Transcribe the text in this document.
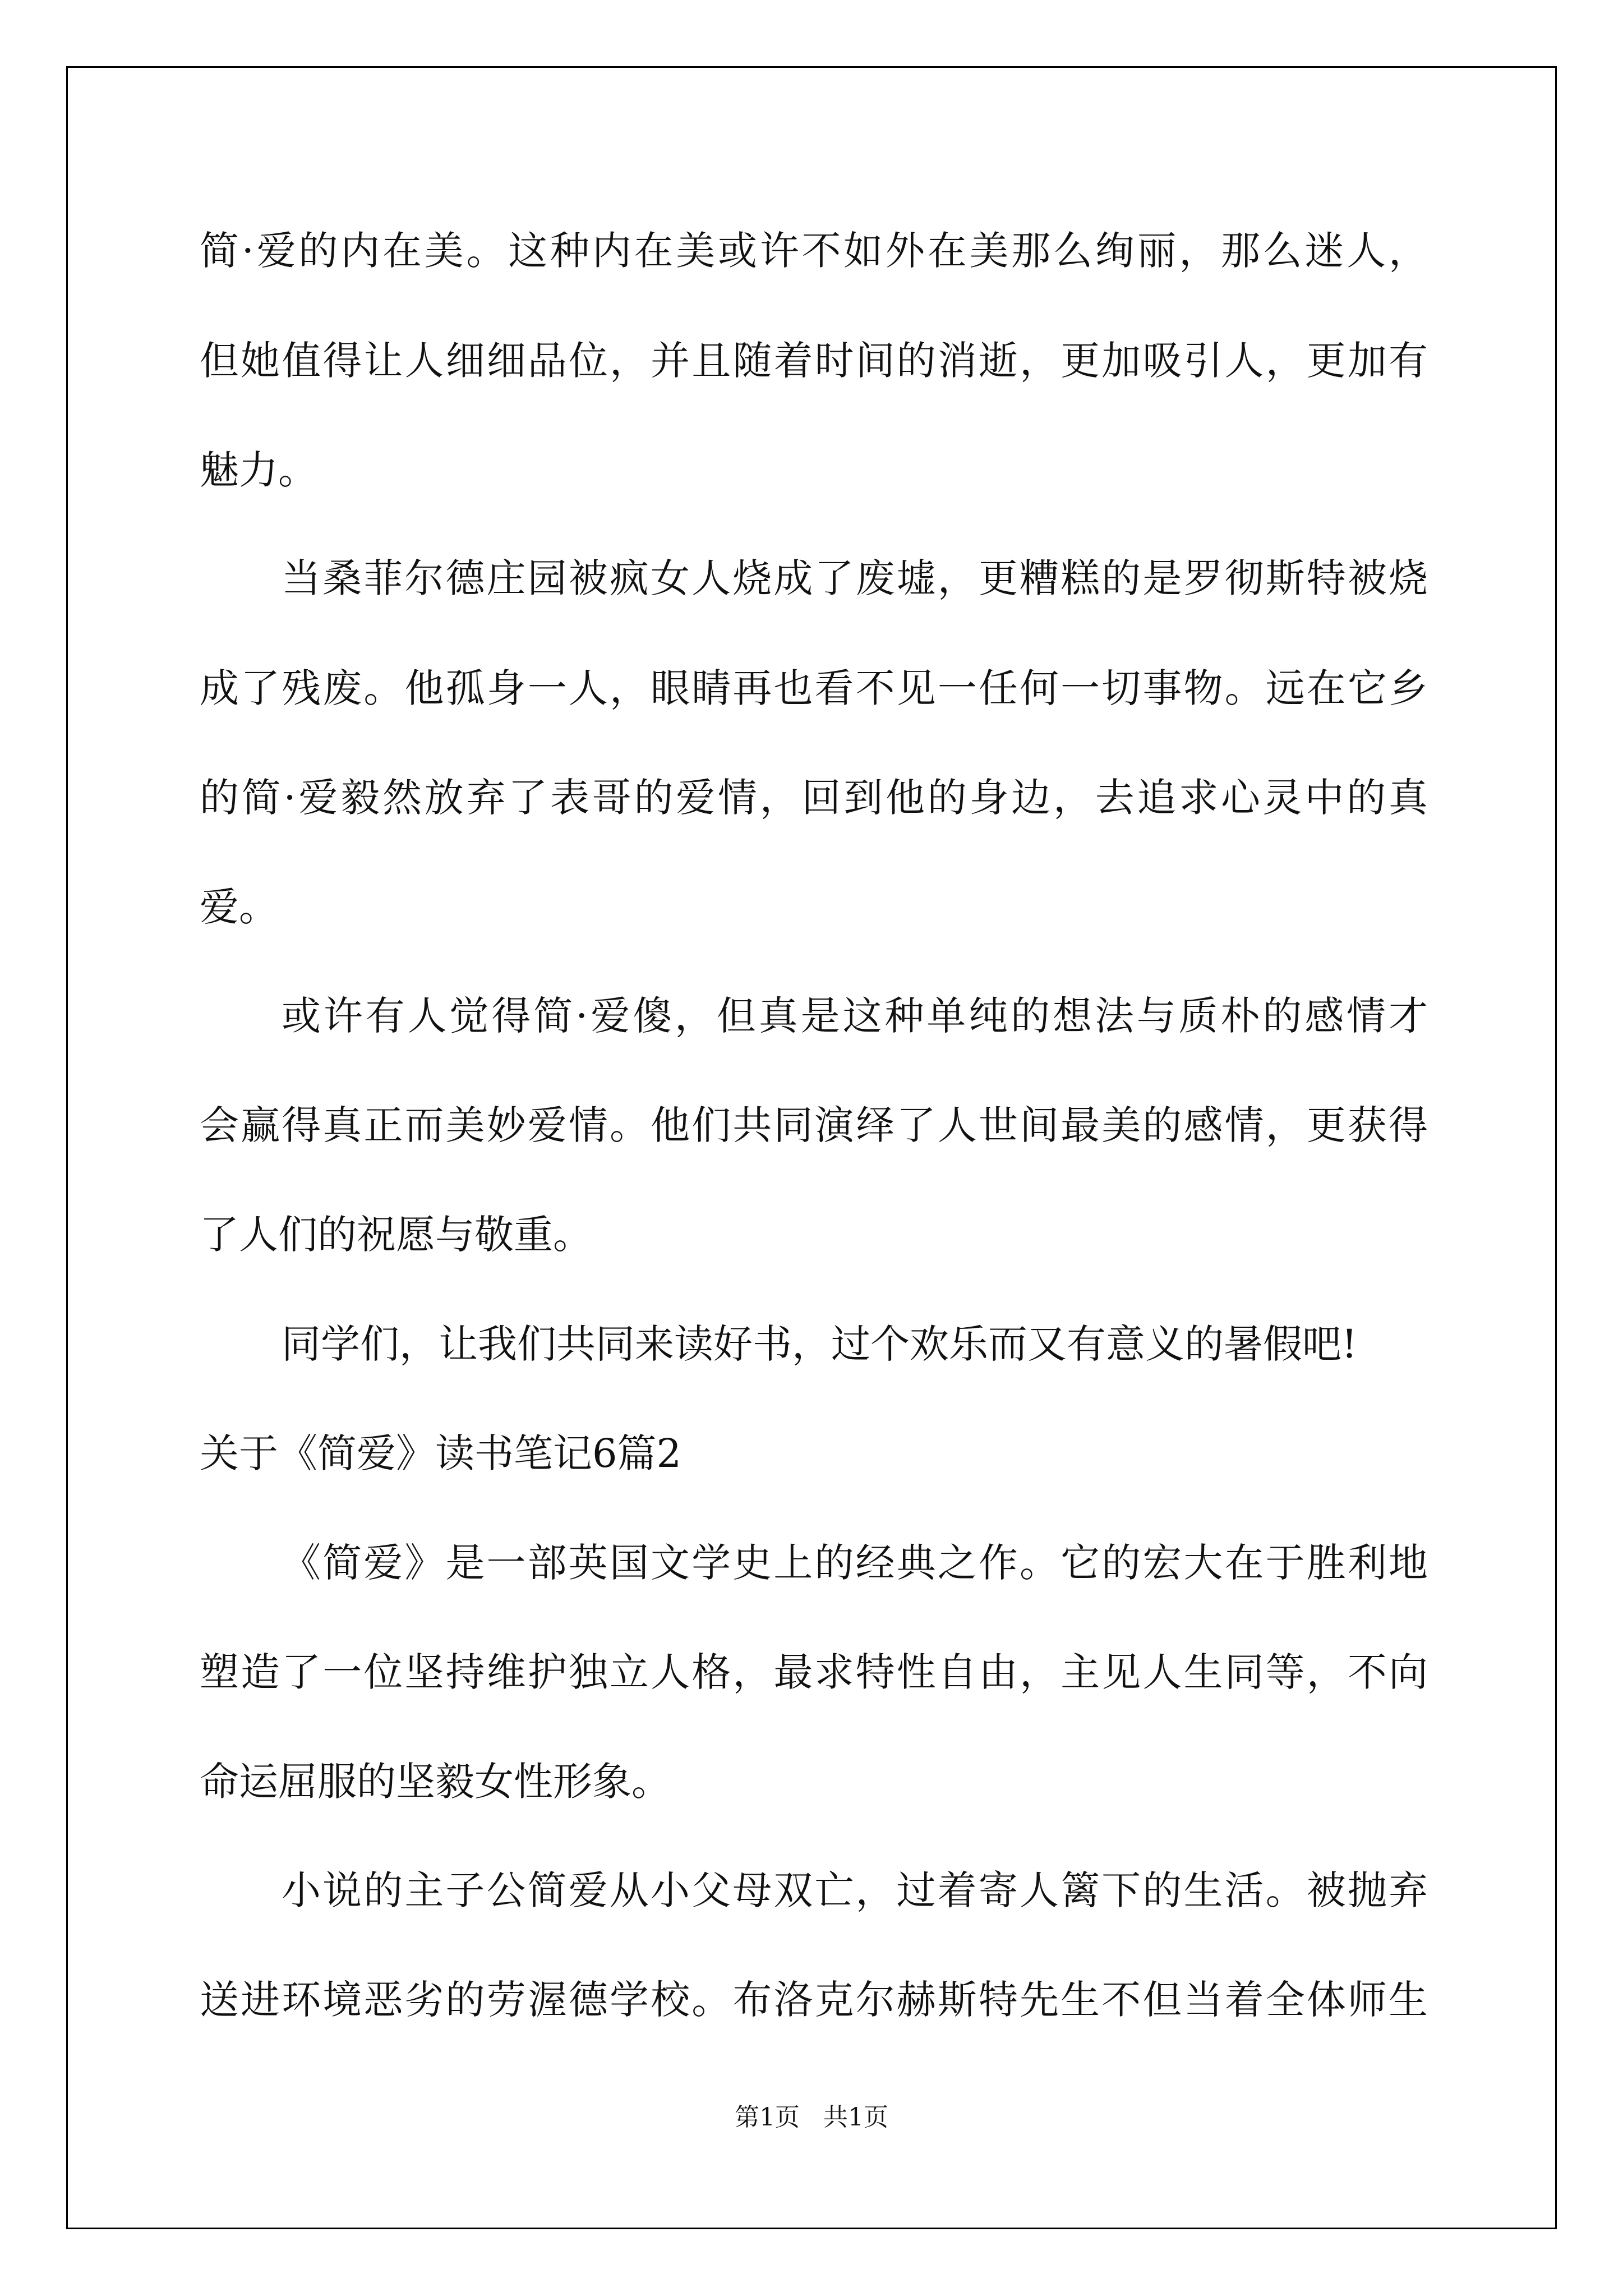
简·爱的内在美。这种内在美或许不如外在美那么绚丽，那么迷人，

但她值得让人细细品位，并且随着时间的消逝，更加吸引人，更加有

魅力。

当桑菲尔德庄园被疯女人烧成了废墟，更糟糕的是罗彻斯特被烧

成了残废。他孤身一人，眼睛再也看不见一任何一切事物。远在它乡

的简·爱毅然放弃了表哥的爱情，回到他的身边，去追求心灵中的真

爱。

或许有人觉得简·爱傻，但真是这种单纯的想法与质朴的感情才

会赢得真正而美妙爱情。他们共同演绎了人世间最美的感情，更获得

了人们的祝愿与敬重。

同学们，让我们共同来读好书，过个欢乐而又有意义的暑假吧!

关于《简爱》读书笔记6篇2

《简爱》是一部英国文学史上的经典之作。它的宏大在于胜利地

塑造了一位坚持维护独立人格，最求特性自由，主见人生同等，不向

命运屈服的坚毅女性形象。

小说的主子公简爱从小父母双亡，过着寄人篱下的生活。被抛弃

送进环境恶劣的劳渥德学校。布洛克尔赫斯特先生不但当着全体师生

第1页   共1页
